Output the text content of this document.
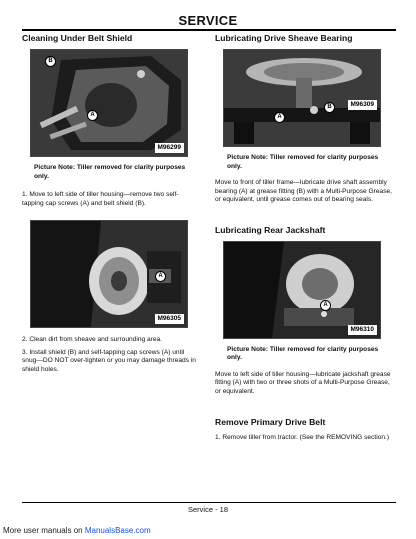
SERVICE
Cleaning Under Belt Shield
B
A
M96299

Picture Note: Tiller removed for clarity purposes only.

1. Move to left side of tiller housing—remove two self-tapping cap screws (A) and belt shield (B).

A
M96305

2. Clean dirt from sheave and surrounding area.

3. Install shield (B) and self-tapping cap screws (A) until snug—DO NOT over-tighten or you may damage threads in shield holes.

Lubricating Drive Sheave Bearing
A
B	M96309

Picture Note: Tiller removed for clarity purposes only.

Move to front of tiller frame—lubricate drive shaft assembly bearing (A) at grease fitting (B) with a Multi-Purpose Grease, or equivalent, until grease comes out of bearing seals.

Lubricating Rear Jackshaft
A
M96310

Picture Note: Tiller removed for clarity purposes only.

Move to left side of tiller housing—lubricate jackshaft grease fitting (A) with two or three shots of a Multi-Purpose Grease, or equivalent.

Remove Primary Drive Belt

1. Remove tiller from tractor. (See the REMOVING section.)

Service - 18
More user manuals on ManualsBase.com
